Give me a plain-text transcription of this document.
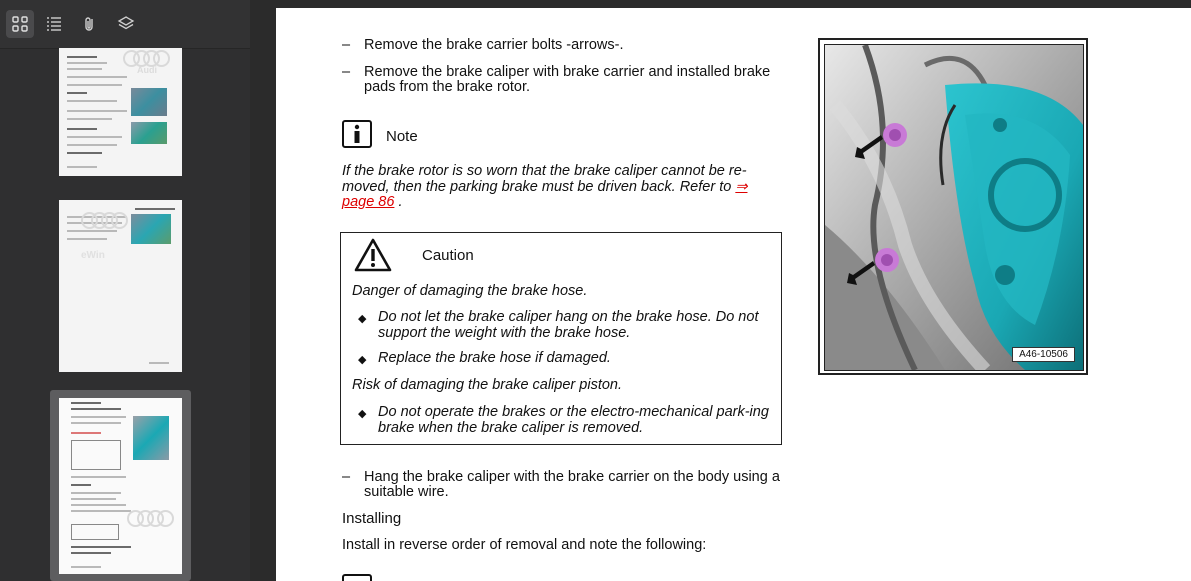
Audi
eWin
– Remove the brake carrier bolts -arrows-.
– Remove the brake caliper with brake carrier and installed brake pads from the brake rotor.
Note
If the brake rotor is so worn that the brake caliper cannot be re-moved, then the parking brake must be driven back. Refer to ⇒ page 86 .
Caution
Danger of damaging the brake hose.
◆ Do not let the brake caliper hang on the brake hose. Do not support the weight with the brake hose.
◆ Replace the brake hose if damaged.
Risk of damaging the brake caliper piston.
◆ Do not operate the brakes or the electro-mechanical park-ing brake when the brake caliper is removed.
– Hang the brake caliper with the brake carrier on the body using a suitable wire.
Installing
Install in reverse order of removal and note the following:
A46-10506
